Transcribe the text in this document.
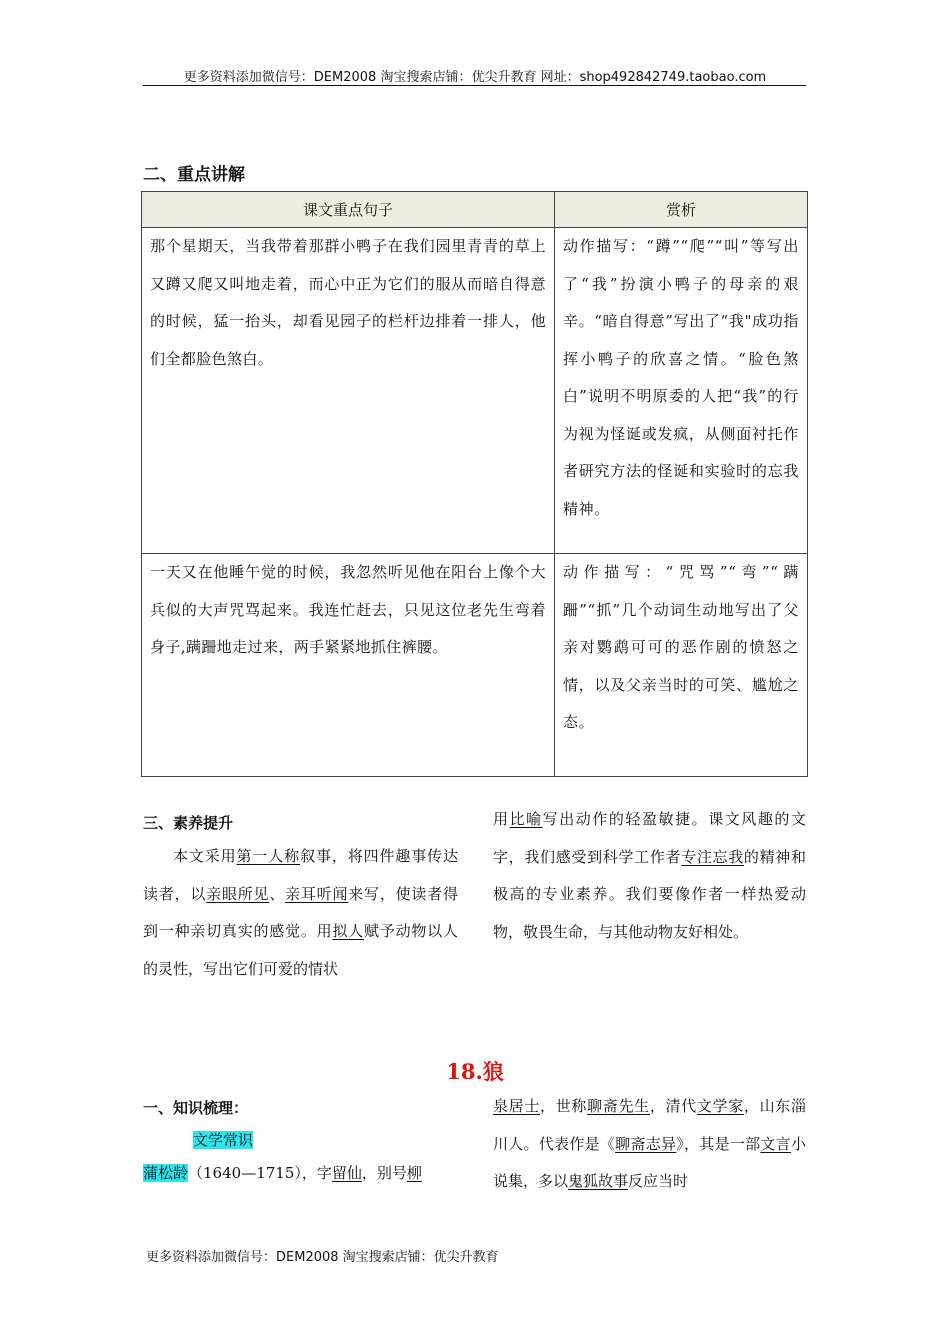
更多资料添加微信号：DEM2008 淘宝搜索店铺：优尖升教育 网址：shop492842749.taobao.com
二、重点讲解
课文重点句子	赏析
那个星期天，当我带着那群小鸭子在我们园里青青的草上又蹲又爬又叫地走着，而心中正为它们的服从而暗自得意的时候，猛一抬头，却看见园子的栏杆边排着一排人，他们全都脸色煞白。	动作描写：“蹲”“爬”“叫”等写出了“我”扮演小鸭子的母亲的艰辛。“暗自得意”写出了“我"成功指挥小鸭子的欣喜之情。“脸色煞白”说明不明原委的人把“我”的行为视为怪诞或发疯，从侧面衬托作者研究方法的怪诞和实验时的忘我精神。
一天又在他睡午觉的时候，我忽然听见他在阳台上像个大兵似的大声咒骂起来。我连忙赶去，只见这位老先生弯着身子,蹒跚地走过来，两手紧紧地抓住裤腰。	动作描写：“咒骂”“弯”“蹒跚”“抓”几个动词生动地写出了父亲对鹦鹉可可的恶作剧的愤怒之情，以及父亲当时的可笑、尴尬之态。
三、素养提升
本文采用第一人称叙事，将四件趣事传达读者，以亲眼所见、亲耳听闻来写，使读者得到一种亲切真实的感觉。用拟人赋予动物以人的灵性，写出它们可爱的情状
用比喻写出动作的轻盈敏捷。课文风趣的文字，我们感受到科学工作者专注忘我的精神和极高的专业素养。我们要像作者一样热爱动物，敬畏生命，与其他动物友好相处。
18.狼
一、知识梳理：
文学常识
蒲松龄（1640—1715），字留仙，别号柳
泉居士，世称聊斋先生，清代文学家，山东淄川人。代表作是《聊斋志异》，其是一部文言小说集，多以鬼狐故事反应当时
更多资料添加微信号：DEM2008 淘宝搜索店铺：优尖升教育
